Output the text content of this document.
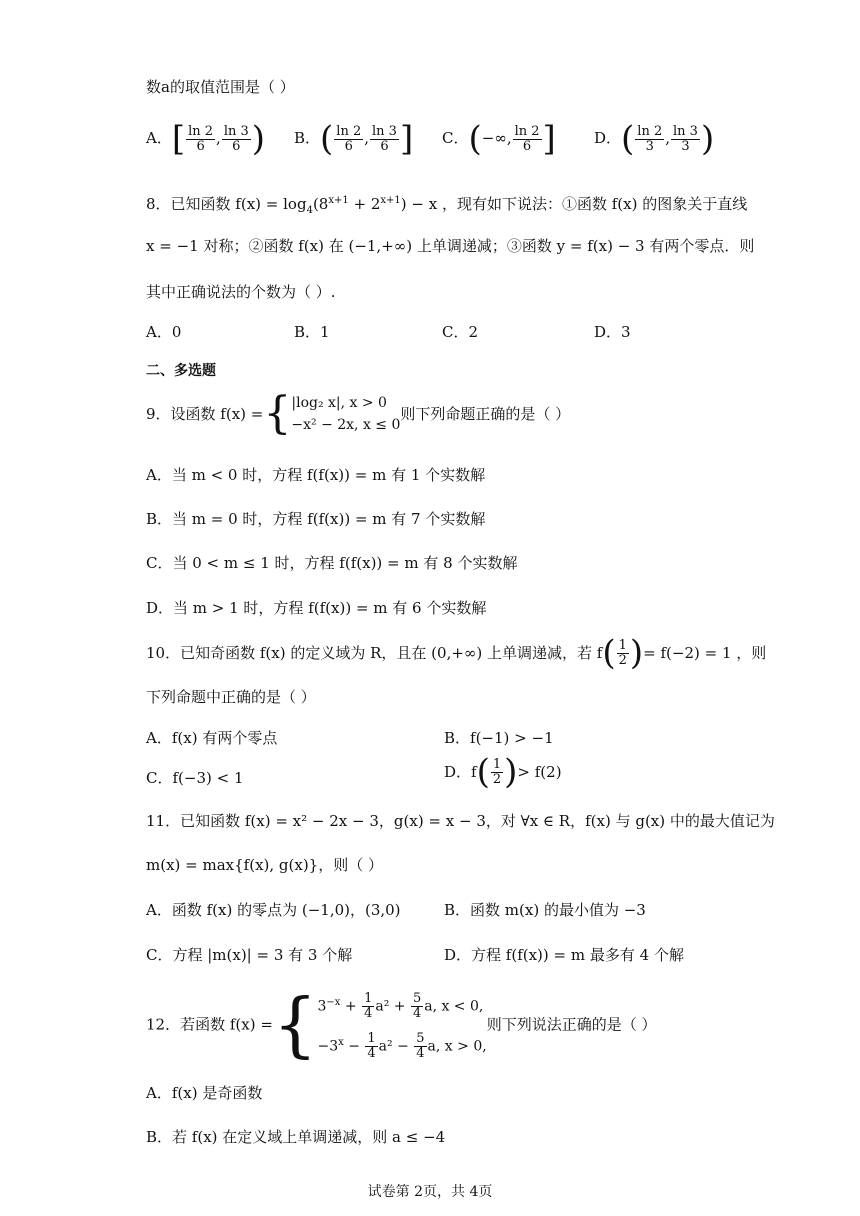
数a的取值范围是（ ）
A．[ $\frac{\ln 2}{6}$ , $\frac{\ln 3}{6}$ ) B．( $\frac{\ln 2}{6}$ , $\frac{\ln 3}{6}$ ] C．(−∞, $\frac{\ln 2}{6}$ ]	D．( $\frac{\ln 2}{3}$ , $\frac{\ln 3}{3}$ )
8．已知函数 $f(x) = \log_4(8^{x+1} + 2^{x+1}) - x$ ，现有如下说法：①函数 f(x) 的图象关于直线
x = −1 对称；②函数 f(x) 在 (−1,+∞) 上单调递减；③函数 y = f(x) − 3 有两个零点．则
其中正确说法的个数为（ ）.
A．0	B．1	C．2	D．3
二、多选题
9．设函数 f(x) ={ |log₂ x|, x > 0
−x² − 2x, x ≤ 0
则下列命题正确的是（ ）
A．当 m < 0 时，方程 f(f(x)) = m 有 1 个实数解
B．当 m = 0 时，方程 f(f(x)) = m 有 7 个实数解
C．当 0 < m ≤ 1 时，方程 f(f(x)) = m 有 8 个实数解
D．当 m > 1 时，方程 f(f(x)) = m 有 6 个实数解
10．已知奇函数 f(x) 的定义域为 R，且在 (0,+∞) 上单调递减，若 $f( \frac{1}{2}$ )= f(−2) = 1 ，则
下列命题中正确的是（ ）
A．f(x) 有两个零点	B．f(−1) > −1
C．f(−3) < 1	D．$f( \frac{1}{2}$ )> f(2)
11．已知函数 f(x) = x² − 2x − 3，g(x) = x − 3，对 ∀x ∈ R，f(x) 与 g(x) 中的最大值记为
m(x) = max{f(x), g(x)}，则（ ）
A．函数 f(x) 的零点为 (−1,0)，(3,0)	B．函数 m(x) 的最小值为 −3
C．方程 |m(x)| = 3 有 3 个解	D．方程 f(f(x)) = m 最多有 4 个解
12．若函数 f(x) ={ $3^{-x} + \frac{1}{4} a^2 + \frac{5}{4} a$, x < 0,
$-3^x - \frac{1}{4} a^2 - \frac{5}{4} a$, x > 0,
则下列说法正确的是（ ）
A．f(x) 是奇函数
B．若 f(x) 在定义域上单调递减，则 a ≤ −4
试卷第 2页，共 4页
